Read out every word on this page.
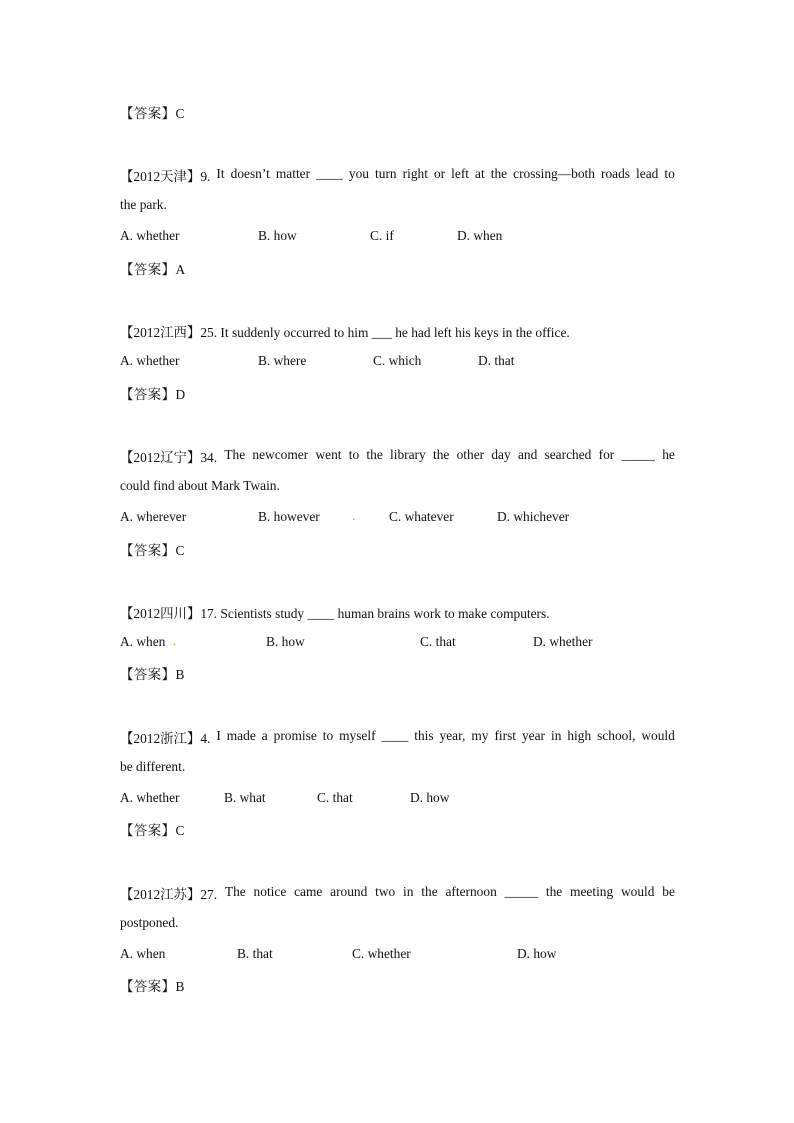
【答案】C
【2012天津】9. It doesn’t matter ____ you turn right or left at the crossing—both roads lead to
the park.
A. whether	B. how	C. if	D. when
【答案】A
【2012江西】25. It suddenly occurred to him ___ he had left his keys in the office.
A. whether	B. where	C. which	D. that
【答案】D
【2012辽宁】34. The newcomer went to the library the other day and searched for _____ he
could find about Mark Twain.
A. wherever	B. however .	C. whatever	D. whichever
【答案】C
【2012四川】17. Scientists study ____ human brains work to make computers.
A. when .	B. how	C. that	D. whether
【答案】B
【2012浙江】4. I made a promise to myself ____ this year, my first year in high school, would
be different.
A. whether	B. what	C. that	D. how
【答案】C
【2012江苏】27. The notice came around two in the afternoon _____ the meeting would be
postponed.
A. when	B. that	C. whether	D. how
【答案】B
